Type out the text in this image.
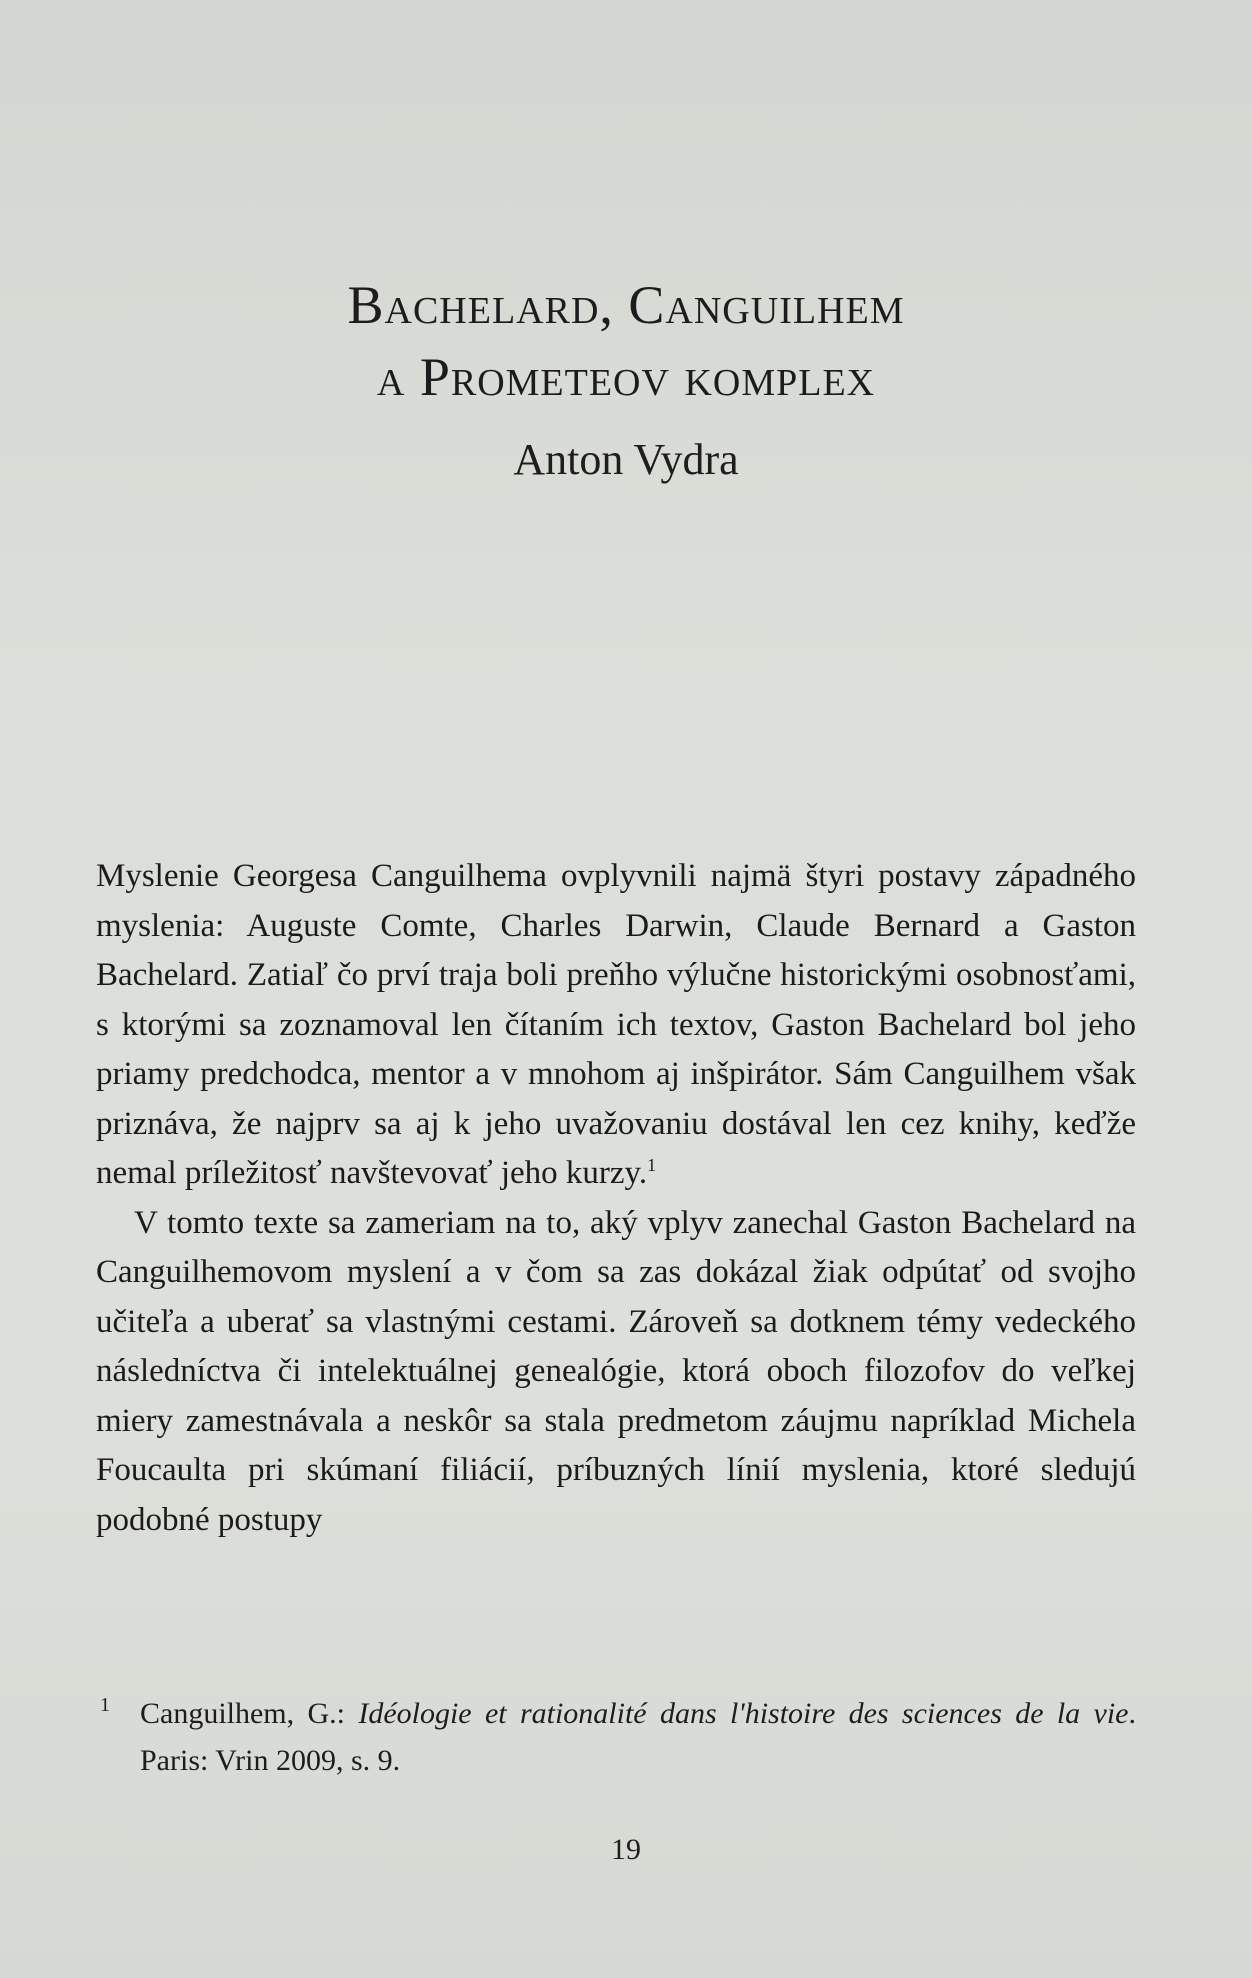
Bachelard, Canguilhem
a Prometeov komplex
Anton Vydra

Myslenie Georgesa Canguilhema ovplyvnili najmä štyri postavy západného myslenia: Auguste Comte, Charles Darwin, Claude Bernard a Gaston Bachelard. Zatiaľ čo prví traja boli preňho výlučne historickými osobnosťami, s ktorými sa zoznamoval len čítaním ich textov, Gaston Bachelard bol jeho priamy predchodca, mentor a v mnohom aj inšpirátor. Sám Canguilhem však priznáva, že najprv sa aj k jeho uvažovaniu dostával len cez knihy, keďže nemal príležitosť navštevovať jeho kurzy.$^1$

V tomto texte sa zameriam na to, aký vplyv zanechal Gaston Bachelard na Canguilhemovom myslení a v čom sa zas dokázal žiak odpútať od svojho učiteľa a uberať sa vlastnými cestami. Zároveň sa dotknem témy vedeckého následníctva či intelektuálnej genealógie, ktorá oboch filozofov do veľkej miery zamestnávala a neskôr sa stala predmetom záujmu napríklad Michela Foucaulta pri skúmaní filiácií, príbuzných línií myslenia, ktoré sledujú podobné postupy

1 Canguilhem, G.: Idéologie et rationalité dans l'histoire des sciences de la vie. Paris: Vrin 2009, s. 9.
19
